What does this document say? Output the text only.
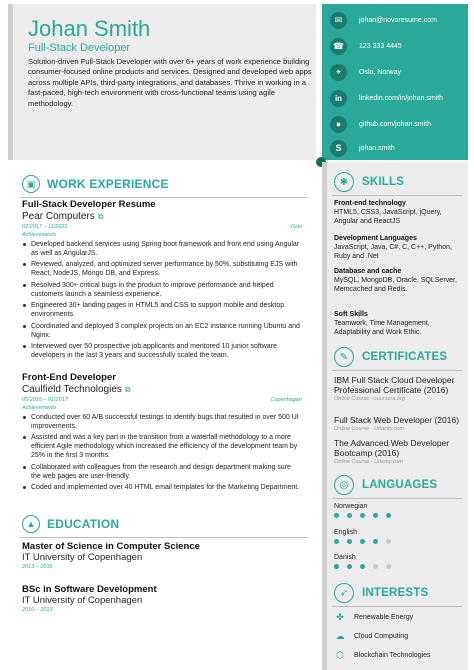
Johan Smith
Full-Stack Developer
Solution-driven Full-Stack Developer with over 6+ years of work experience building consumer-focused online products and services. Designed and developed web apps across multiple APIs, third-party integrations, and databases. Thrive in working in a fast-paced, high-tech environment with cross-functional teams using agile methodology.
✉	johan@novoresume.com
☎	123 333 4445
⌖	Oslo, Norway
in	linkedin.com/in/johan.smith
●	github.com/johan.smith
S	johan.smith
▣ WORK EXPERIENCE
Full-Stack Developer Resume
Pear Computers ⧉
02/2017 – 11/2021	Oslo
Achievements
Developed backend services using Spring boot framework and front end using Angular as well as AngularJS.
Reviewed, analyzed, and optimized server performance by 50%, substituting EJS with React, NodeJS, Mongo DB, and Express.
Resolved 300+ critical bugs in the product to improve performance and helped customers launch a seamless experience.
Engineered 30+ landing pages in HTML5 and CSS to support mobile and desktop environments.
Coordinated and deployed 3 complex projects on an EC2 instance running Ubuntu and Nginx.
Interviewed over 50 prospective job applicants and mentored 10 junior software developers in the last 3 years and successfully scaled the team.
Front-End Developer
Caulfield Technologies ⧉
05/2015 – 01/2017	Copenhagen
Achievements
Conducted over 60 A/B successful testings to identify bugs that resulted in over 500 UI improvements.
Assisted and was a key part in the transition from a waterfall methodology to a more efficient Agile methodology which increased the efficiency of the development team by 25% in the first 3 months.
Collaborated with colleagues from the research and design department making sure the web pages are user-friendly.
Coded and implemented over 40 HTML email templates for the Marketing Department.
▲ EDUCATION
Master of Science in Computer Science
IT University of Copenhagen
2013 – 2015
BSc in Software Development
IT University of Copenhagen
2010 – 2013
✱	SKILLS
Front-end technology
HTML5, CSS3, JavaScript, jQuery, Angular and ReactJS
Development Languages
JavaScript, Java, C#, C, C++, Python, Ruby and .Net
Database and cache
MySQL, MongoDB, Oracle, SQLServer, Memcached and Redis.
Soft Skills
Teamwork, Time Management, Adaptability and Work Ethic.
✎	CERTIFICATES
IBM Full Stack Cloud Developer Professional Certificate (2016)
Online Course - coursera.org
Full Stack Web Developer (2016)
Online Course - Udacity.com
The Advanced Web Developer Bootcamp (2016)
Online Course - Udemy.com
◎	LANGUAGES
Norwegian
English
Danish
➶	INTERESTS
✤	Renewable Energy
☁ Cloud Computing
⬡ Blockchain Technologies
